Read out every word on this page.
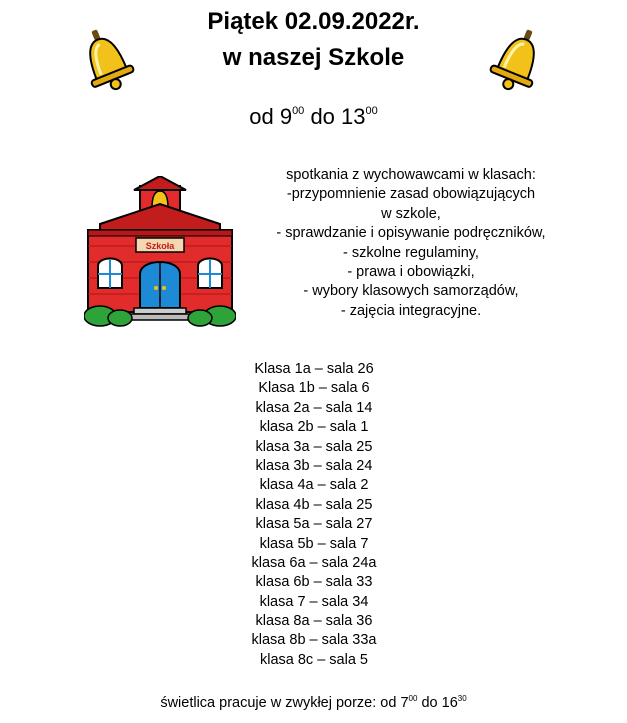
Piątek 02.09.2022r.
w naszej Szkole
od $9^{00}$ do $13^{00}$
Szkoła
spotkania z wychowawcami w klasach:
-przypomnienie zasad obowiązujących
w szkole,
- sprawdzanie i opisywanie podręczników,
- szkolne regulaminy,
- prawa i obowiązki,
- wybory klasowych samorządów,
- zajęcia integracyjne.
Klasa 1a – sala 26
Klasa 1b – sala 6
klasa 2a – sala 14
klasa 2b – sala 1
klasa 3a – sala 25
klasa 3b – sala 24
klasa 4a – sala 2
klasa 4b – sala 25
klasa 5a – sala 27
klasa 5b – sala 7
klasa 6a – sala 24a
klasa 6b – sala 33
klasa 7 – sala 34
klasa 8a – sala 36
klasa 8b – sala 33a
klasa 8c – sala 5
świetlica pracuje w zwykłej porze: od $7^{00}$ do $16^{30}$
